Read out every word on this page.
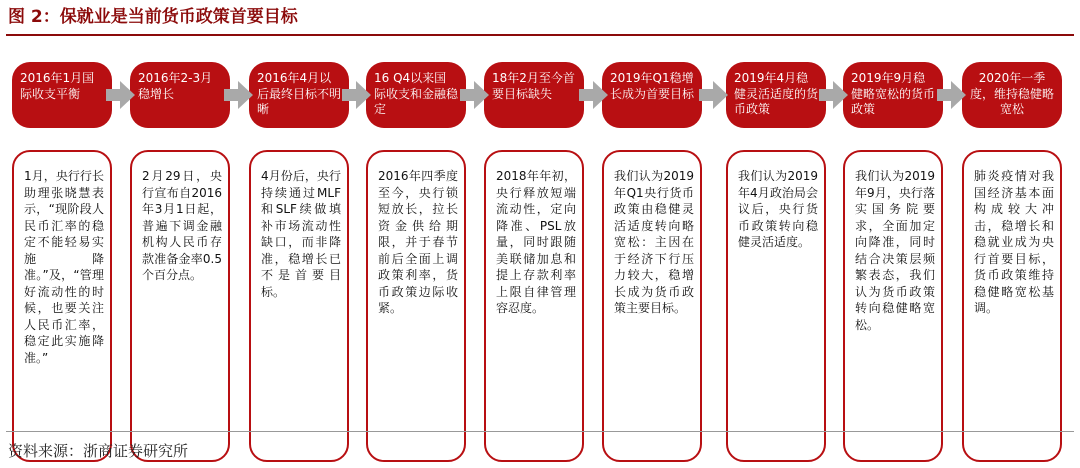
图 2：保就业是当前货币政策首要目标
2016年1月国际收支平衡
1月，央行行长助理张晓慧表示，“现阶段人民币汇率的稳定不能轻易实施降准。”及，“管理好流动性的时候，也要关注人民币汇率，稳定此实施降准。”
2016年2-3月稳增长
2月29日，央行宣布自2016年3月1日起，普遍下调金融机构人民币存款准备金率0.5个百分点。
2016年4月以后最终目标不明晰
4月份后，央行持续通过MLF和SLF续做填补市场流动性缺口，而非降准，稳增长已不是首要目标。
16 Q4以来国际收支和金融稳定
2016年四季度至今，央行锁短放长，拉长资金供给期限，并于春节前后全面上调政策利率，货币政策边际收紧。
18年2月至今首要目标缺失
2018年年初，央行释放短端流动性，定向降准、PSL放量，同时跟随美联储加息和提上存款利率上限自律管理容忍度。
2019年Q1稳增长成为首要目标
我们认为2019年Q1央行货币政策由稳健灵活适度转向略宽松：主因在于经济下行压力较大，稳增长成为货币政策主要目标。
2019年4月稳健灵活适度的货币政策
我们认为2019年4月政治局会议后，央行货币政策转向稳健灵活适度。
2019年9月稳健略宽松的货币政策
我们认为2019年9月，央行落实国务院要求，全面加定向降准，同时结合决策层频繁表态，我们认为货币政策转向稳健略宽松。
2020年一季度，维持稳健略宽松
肺炎疫情对我国经济基本面构成较大冲击，稳增长和稳就业成为央行首要目标，货币政策维持稳健略宽松基调。
资料来源：浙商证券研究所
